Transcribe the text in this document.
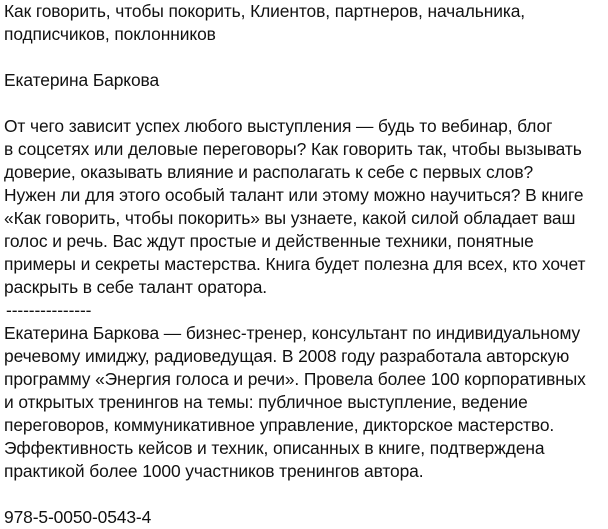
Как говорить, чтобы покорить, Клиентов, партнеров, начальника,
подписчиков, поклонников
Екатерина Баркова
От чего зависит успех любого выступления — будь то вебинар, блог
в соцсетях или деловые переговоры? Как говорить так, чтобы вызывать
доверие, оказывать влияние и располагать к себе с первых слов?
Нужен ли для этого особый талант или этому можно научиться? В книге
«Как говорить, чтобы покорить» вы узнаете, какой силой обладает ваш
голос и речь. Вас ждут простые и действенные техники, понятные
примеры и секреты мастерства. Книга будет полезна для всех, кто хочет
раскрыть в себе талант оратора.
---------------
Екатерина Баркова — бизнес-тренер, консультант по индивидуальному
речевому имиджу, радиоведущая. В 2008 году разработала авторскую
программу «Энергия голоса и речи». Провела более 100 корпоративных
и открытых тренингов на темы: публичное выступление, ведение
переговоров, коммуникативное управление, дикторское мастерство.
Эффективность кейсов и техник, описанных в книге, подтверждена
практикой более 1000 участников тренингов автора.
978-5-0050-0543-4
